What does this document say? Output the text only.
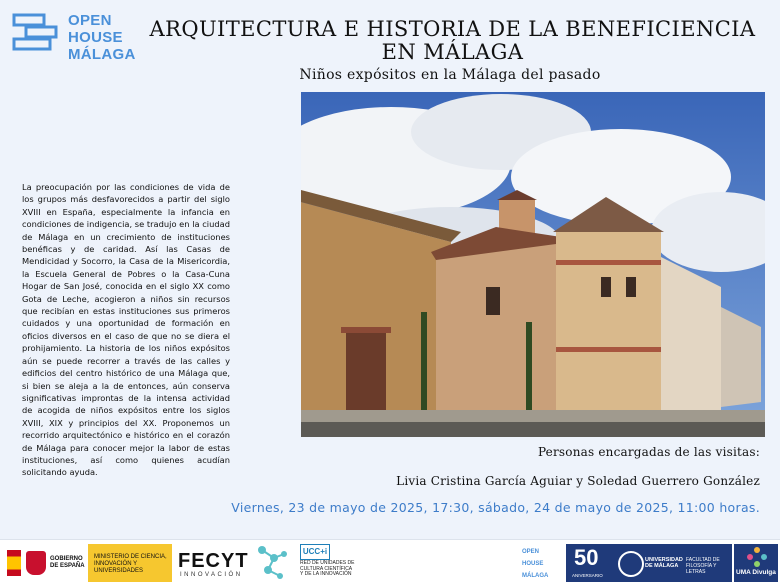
OPEN
HOUSE
MÁLAGA
ARQUITECTURA E HISTORIA DE LA BENEFICIENCIA EN MÁLAGA
Niños expósitos en la Málaga del pasado
La preocupación por las condiciones de vida de los grupos más desfavorecidos a partir del siglo XVIII en España, especialmente la infancia en condiciones de indigencia, se tradujo en la ciudad de Málaga en un crecimiento de instituciones benéficas y de caridad. Así las Casas de Mendicidad y Socorro, la Casa de la Misericordia, la Escuela General de Pobres o la Casa-Cuna Hogar de San José, conocida en el siglo XX como Gota de Leche, acogieron a niños sin recursos que recibían en estas instituciones sus primeros cuidados y una oportunidad de formación en oficios diversos en el caso de que no se diera el prohijamiento. La historia de los niños expósitos aún se puede recorrer a través de las calles y edificios del centro histórico de una Málaga que, si bien se aleja a la de entonces, aún conserva significativas improntas de la intensa actividad de acogida de niños expósitos entre los siglos XVIII, XIX y principios del XX. Proponemos un recorrido arquitectónico e histórico en el corazón de Málaga para conocer mejor la labor de estas instituciones, así como quienes acudían solicitando ayuda.
Personas encargadas de las visitas:
Livia Cristina García Aguiar y Soledad Guerrero González
Viernes, 23 de mayo de 2025, 17:30, sábado, 24 de mayo de 2025, 11:00 horas.
GOBIERNO DE ESPAÑA
MINISTERIO DE CIENCIA, INNOVACIÓN Y UNIVERSIDADES	FECYT
INNOVACIÓN
UCC+i
RED DE UNIDADES DE CULTURA CIENTÍFICA Y DE LA INNOVACIÓN
OPEN
HOUSE
MÁLAGA
50
ANIVERSARIO
UNIVERSIDAD DE MÁLAGA
FACULTAD DE FILOSOFÍA Y LETRAS	UMA Divulga
